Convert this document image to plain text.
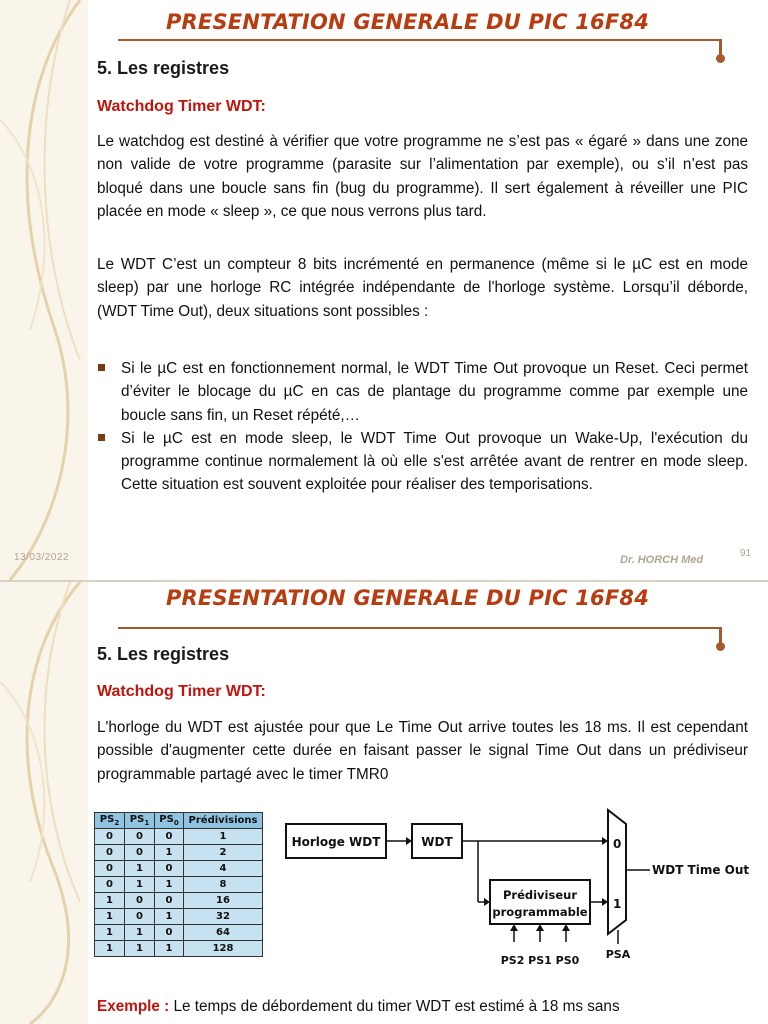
PRESENTATION GENERALE DU PIC 16F84
5. Les registres
Watchdog Timer WDT:

Le watchdog est destiné à vérifier que votre programme ne s’est pas « égaré » dans une zone non valide de votre programme (parasite sur l’alimentation par exemple), ou s’il n’est pas bloqué dans une boucle sans fin (bug du programme). Il sert également à réveiller une PIC placée en mode « sleep », ce que nous verrons plus tard.

Le WDT C’est un compteur 8 bits incrémenté en permanence (même si le µC est en mode sleep) par une horloge RC intégrée indépendante de l'horloge système. Lorsqu’il déborde, (WDT Time Out), deux situations sont possibles :

Si le µC est en fonctionnement normal, le WDT Time Out provoque un Reset. Ceci permet d’éviter le blocage du µC en cas de plantage du programme comme par exemple une boucle sans fin, un Reset répété,…
Si le µC est en mode sleep, le WDT Time Out provoque un Wake-Up, l'exécution du programme continue normalement là où elle s'est arrêtée avant de rentrer en mode sleep. Cette situation est souvent exploitée pour réaliser des temporisations.
13/03/2022	Dr. HORCH Med
91
PRESENTATION GENERALE DU PIC 16F84
5. Les registres
Watchdog Timer WDT:

L'horloge du WDT est ajustée pour que Le Time Out arrive toutes les 18 ms. Il est cependant possible d'augmenter cette durée en faisant passer le signal Time Out dans un prédiviseur programmable partagé avec le timer TMR0

$PS_2$	$PS_1$	$PS_0$	Prédivisions
0	0	0	1
0	0	1	2
0	1	0	4
0	1	1	8
1	0	0	16
1	0	1	32
1	1	0	64
1	1	1	128
Horloge WDT	WDT
Prédiviseur
programmable
0
1
WDT Time Out
PSA
PS2 PS1 PS0
Exemple : Le temps de débordement du timer WDT est estimé à 18 ms sans
